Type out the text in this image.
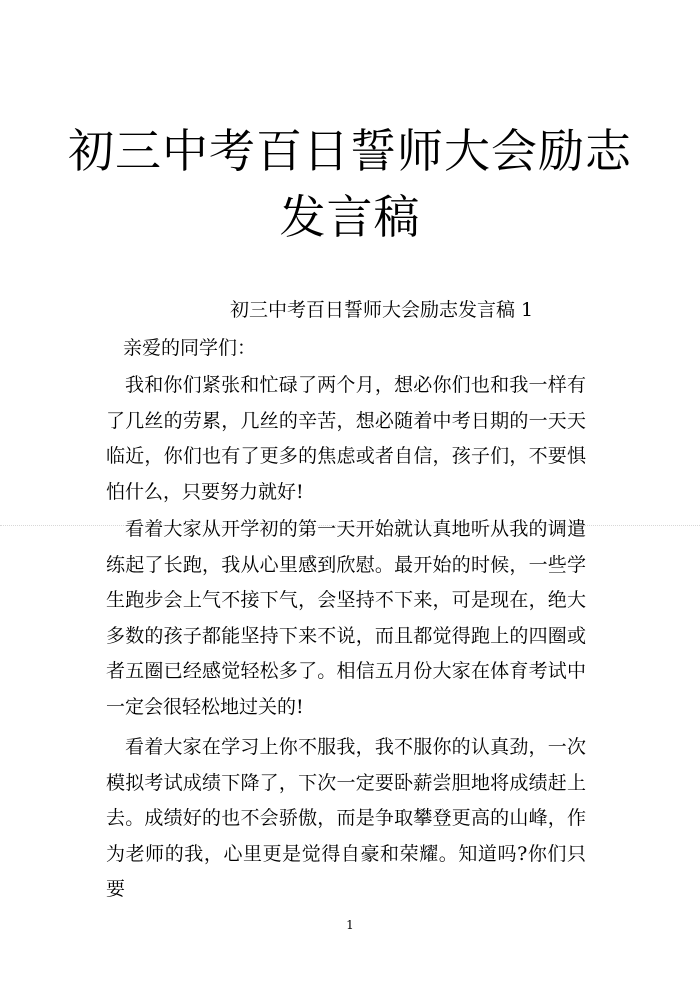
初三中考百日誓师大会励志发言稿
初三中考百日誓师大会励志发言稿 1
亲爱的同学们：

我和你们紧张和忙碌了两个月，想必你们也和我一样有了几丝的劳累，几丝的辛苦，想必随着中考日期的一天天临近，你们也有了更多的焦虑或者自信，孩子们，不要惧怕什么，只要努力就好!

看着大家从开学初的第一天开始就认真地听从我的调遣练起了长跑，我从心里感到欣慰。最开始的时候，一些学生跑步会上气不接下气，会坚持不下来，可是现在，绝大多数的孩子都能坚持下来不说，而且都觉得跑上的四圈或者五圈已经感觉轻松多了。相信五月份大家在体育考试中一定会很轻松地过关的!

看着大家在学习上你不服我，我不服你的认真劲，一次模拟考试成绩下降了，下次一定要卧薪尝胆地将成绩赶上去。成绩好的也不会骄傲，而是争取攀登更高的山峰，作为老师的我，心里更是觉得自豪和荣耀。知道吗?你们只要

1
